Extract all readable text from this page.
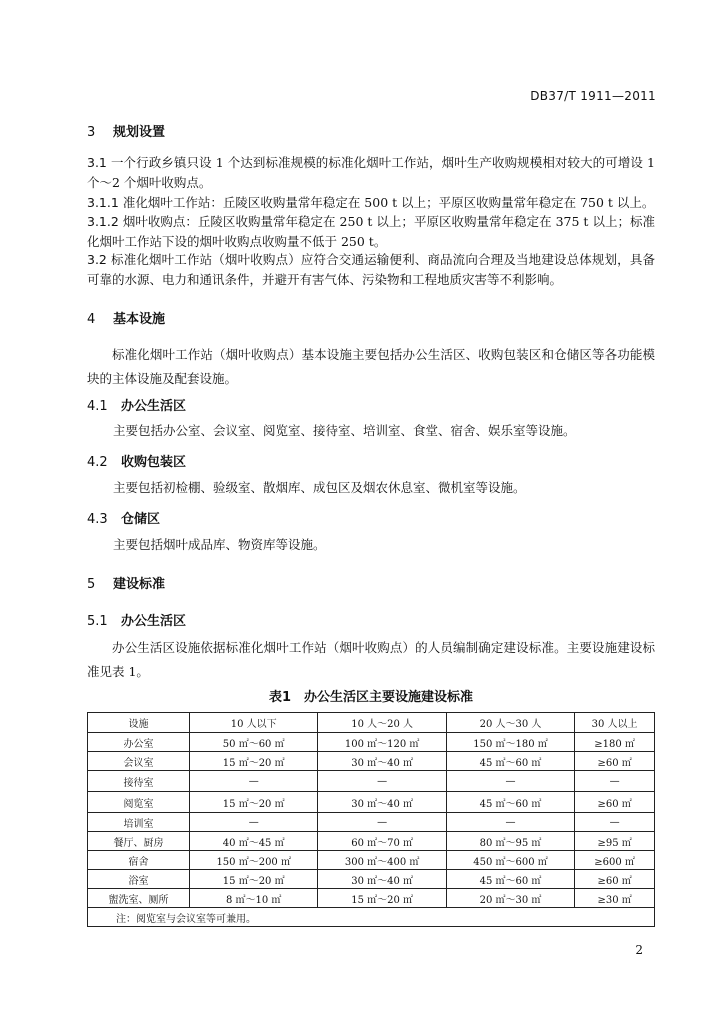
DB37/T 1911—2011
3 规划设置
3.1 一个行政乡镇只设 1 个达到标准规模的标准化烟叶工作站，烟叶生产收购规模相对较大的可增设 1 个～2 个烟叶收购点。
3.1.1 准化烟叶工作站：丘陵区收购量常年稳定在 500 t 以上；平原区收购量常年稳定在 750 t 以上。
3.1.2 烟叶收购点：丘陵区收购量常年稳定在 250 t 以上；平原区收购量常年稳定在 375 t 以上；标准化烟叶工作站下设的烟叶收购点收购量不低于 250 t。
3.2 标准化烟叶工作站（烟叶收购点）应符合交通运输便利、商品流向合理及当地建设总体规划，具备可靠的水源、电力和通讯条件，并避开有害气体、污染物和工程地质灾害等不利影响。
4 基本设施
标准化烟叶工作站（烟叶收购点）基本设施主要包括办公生活区、收购包装区和仓储区等各功能模块的主体设施及配套设施。
4.1 办公生活区
主要包括办公室、会议室、阅览室、接待室、培训室、食堂、宿舍、娱乐室等设施。
4.2 收购包装区
主要包括初检棚、验级室、散烟库、成包区及烟农休息室、微机室等设施。
4.3 仓储区
主要包括烟叶成品库、物资库等设施。
5 建设标准
5.1 办公生活区
办公生活区设施依据标准化烟叶工作站（烟叶收购点）的人员编制确定建设标准。主要设施建设标准见表 1。
表1　办公生活区主要设施建设标准
设施	10 人以下	10 人～20 人	20 人～30 人	30 人以上
办公室	50 ㎡～60 ㎡	100 ㎡～120 ㎡	150 ㎡～180 ㎡	≥180 ㎡
会议室	15 ㎡～20 ㎡	30 ㎡～40 ㎡	45 ㎡～60 ㎡	≥60 ㎡
接待室	—	—	—	—
阅览室	15 ㎡～20 ㎡	30 ㎡～40 ㎡	45 ㎡～60 ㎡	≥60 ㎡
培训室	—	—	—	—
餐厅、厨房	40 ㎡～45 ㎡	60 ㎡～70 ㎡	80 ㎡～95 ㎡	≥95 ㎡
宿舍	150 ㎡～200 ㎡	300 ㎡～400 ㎡	450 ㎡～600 ㎡	≥600 ㎡
浴室	15 ㎡～20 ㎡	30 ㎡～40 ㎡	45 ㎡～60 ㎡	≥60 ㎡
盥洗室、厕所	8 ㎡～10 ㎡	15 ㎡～20 ㎡	20 ㎡～30 ㎡	≥30 ㎡
注：阅览室与会议室等可兼用。				
2
